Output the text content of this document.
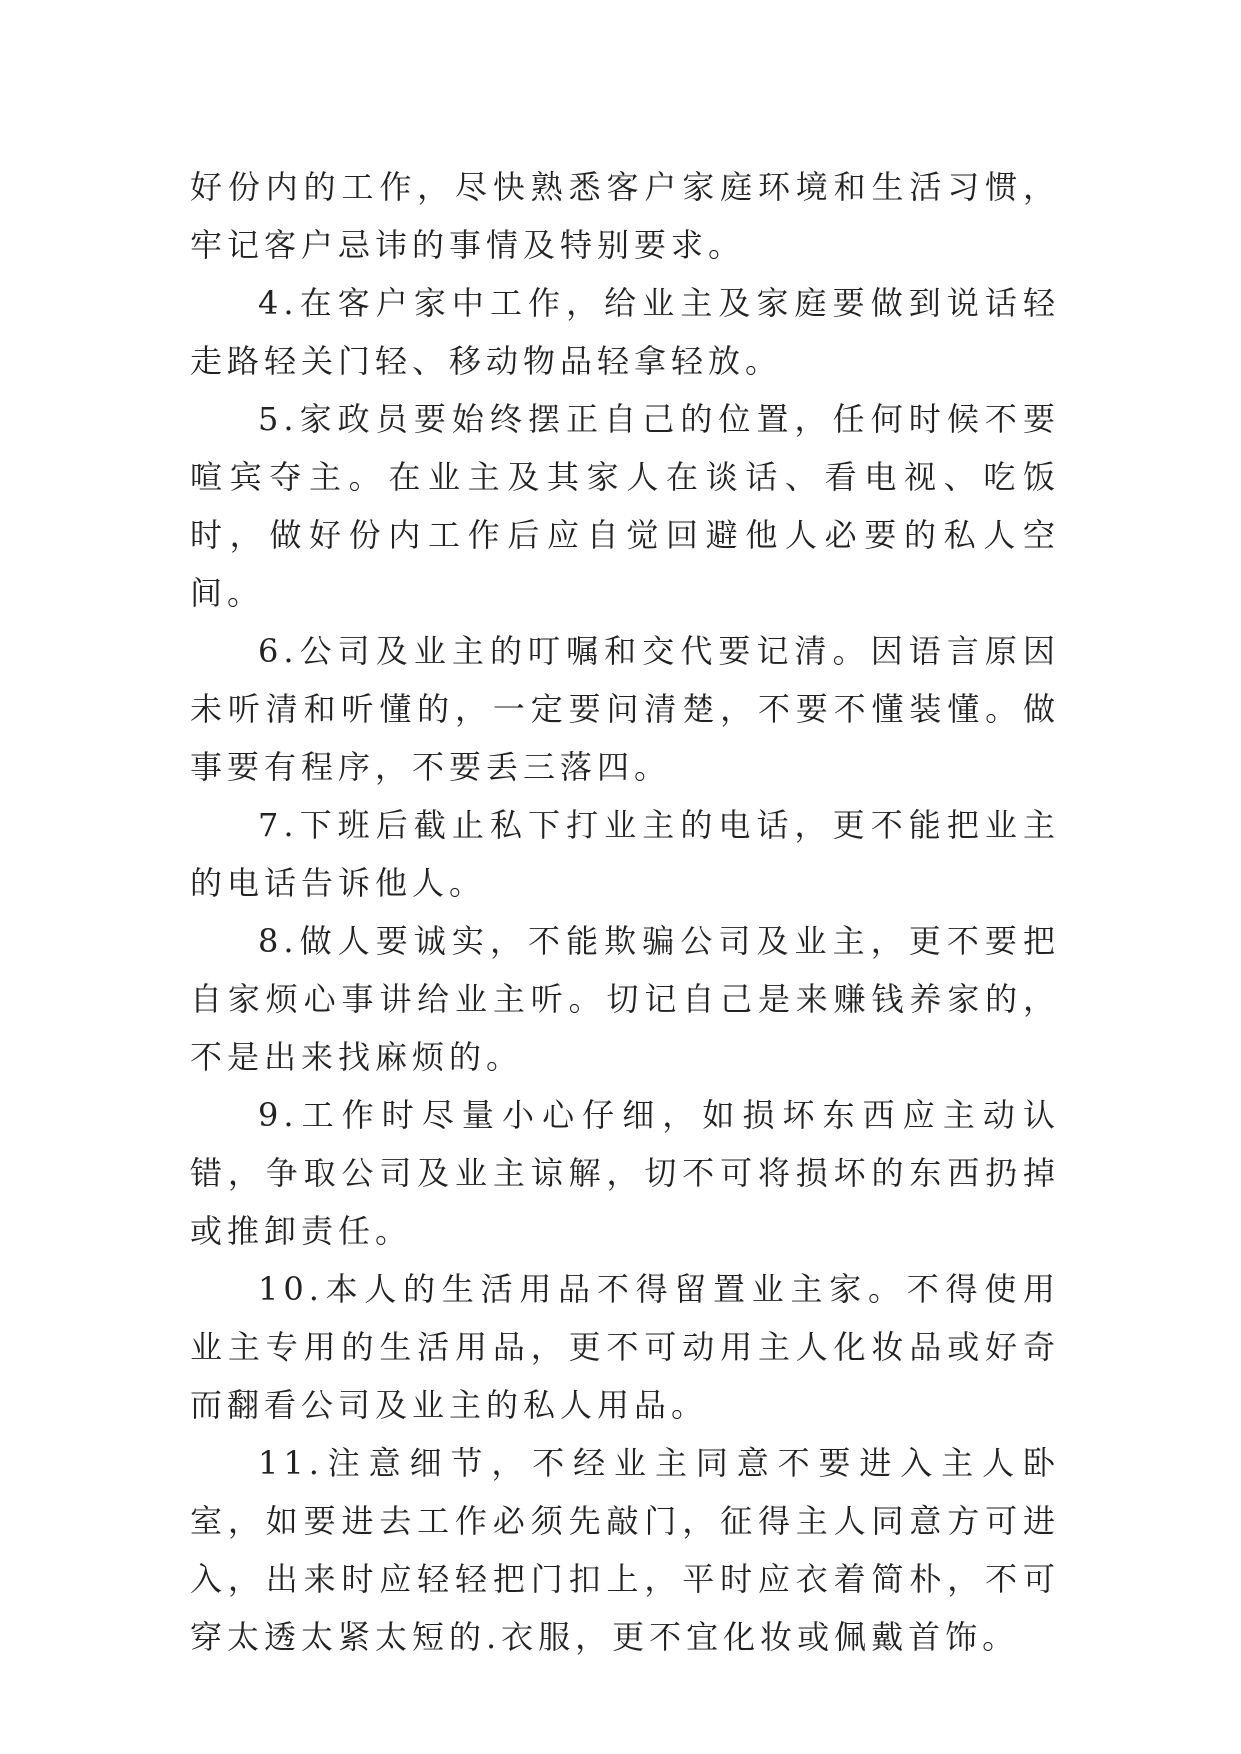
好份内的工作，尽快熟悉客户家庭环境和生活习惯，牢记客户忌讳的事情及特别要求。

4.在客户家中工作，给业主及家庭要做到说话轻走路轻关门轻、移动物品轻拿轻放。

5.家政员要始终摆正自己的位置，任何时候不要喧宾夺主。在业主及其家人在谈话、看电视、吃饭时，做好份内工作后应自觉回避他人必要的私人空间。

6.公司及业主的叮嘱和交代要记清。因语言原因未听清和听懂的，一定要问清楚，不要不懂装懂。做事要有程序，不要丢三落四。

7.下班后截止私下打业主的电话，更不能把业主的电话告诉他人。

8.做人要诚实，不能欺骗公司及业主，更不要把自家烦心事讲给业主听。切记自己是来赚钱养家的，不是出来找麻烦的。

9.工作时尽量小心仔细，如损坏东西应主动认错，争取公司及业主谅解，切不可将损坏的东西扔掉或推卸责任。

10.本人的生活用品不得留置业主家。不得使用业主专用的生活用品，更不可动用主人化妆品或好奇而翻看公司及业主的私人用品。

11.注意细节，不经业主同意不要进入主人卧室，如要进去工作必须先敲门，征得主人同意方可进入，出来时应轻轻把门扣上，平时应衣着简朴，不可穿太透太紧太短的.衣服，更不宜化妆或佩戴首饰。
